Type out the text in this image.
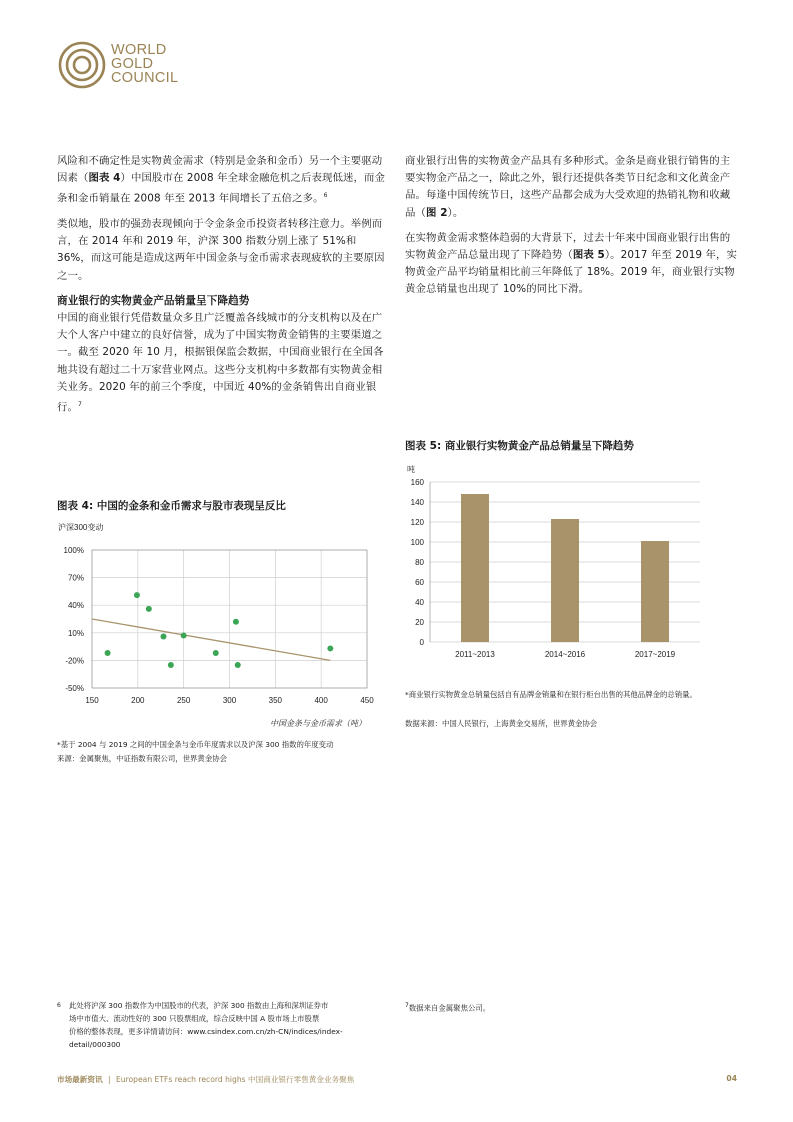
WORLD
GOLD
COUNCIL

风险和不确定性是实物黄金需求（特别是金条和金币）另一个主要驱动因素（图表 4）中国股市在 2008 年全球金融危机之后表现低迷，而金条和金币销量在 2008 年至 2013 年间增长了五倍之多。$^6$

类似地，股市的强劲表现倾向于令金条金币投资者转移注意力。举例而言，在 2014 年和 2019 年，沪深 300 指数分别上涨了 51%和 36%，而这可能是造成这两年中国金条与金币需求表现疲软的主要原因之一。

商业银行的实物黄金产品销量呈下降趋势

中国的商业银行凭借数量众多且广泛覆盖各线城市的分支机构以及在广大个人客户中建立的良好信誉，成为了中国实物黄金销售的主要渠道之一。截至 2020 年 10 月，根据银保监会数据，中国商业银行在全国各地共设有超过二十万家营业网点。这些分支机构中多数都有实物黄金相关业务。2020 年的前三个季度，中国近 40%的金条销售出自商业银行。$^7$

商业银行出售的实物黄金产品具有多种形式。金条是商业银行销售的主要实物金产品之一，除此之外，银行还提供各类节日纪念和文化黄金产品。每逢中国传统节日，这些产品都会成为大受欢迎的热销礼物和收藏品（图 2）。

在实物黄金需求整体趋弱的大背景下，过去十年来中国商业银行出售的实物黄金产品总量出现了下降趋势（图表 5）。2017 年至 2019 年，实物黄金产品平均销量相比前三年降低了 18%。2019 年，商业银行实物黄金总销量也出现了 10%的同比下滑。

图表 4: 中国的金条和金币需求与股市表现呈反比
沪深300变动
100%
70%
40%
10%
-20%
-50%
150	200	250	300	350	400	450
中国金条与金币需求（吨）
*基于 2004 与 2019 之间的中国金条与金币年度需求以及沪深 300 指数的年度变动
来源：金属聚焦，中证指数有限公司，世界黄金协会
图表 5: 商业银行实物黄金产品总销量呈下降趋势
吨
0
20
40
60
80
100
120
140
160
2011~2013	2014~2016	2017~2019
*商业银行实物黄金总销量包括自有品牌金销量和在银行柜台出售的其他品牌金的总销量。
数据来源：中国人民银行，上海黄金交易所，世界黄金协会
6 此处将沪深 300 指数作为中国股市的代表，沪深 300 指数由上海和深圳证券市
场中市值大、流动性好的 300 只股票组成，综合反映中国 A 股市场上市股票
价格的整体表现，更多详情请访问：www.csindex.com.cn/zh-CN/indices/index-
detail/000300
$^7$数据来自金属聚焦公司。
市场最新资讯 | European ETFs reach record highs 中国商业银行零售黄金业务聚焦	04
